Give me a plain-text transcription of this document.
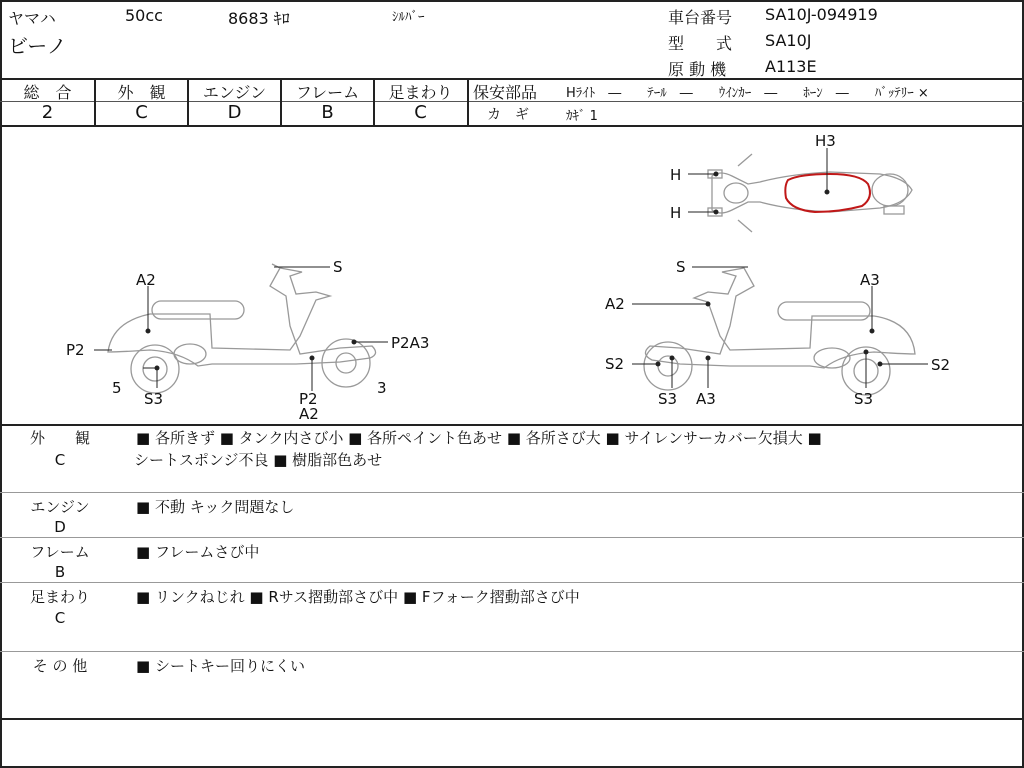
ヤマハ
ビーノ
50cc	8683 ｷﾛ	ｼﾙﾊﾞｰ	車台番号 SA10J-094919
型　　式 SA10J
原 動 機 A113E
総　合	外　観	エンジン	フレーム	足まわり
2	C	D	B	C
保安部品 Hﾗｲﾄ　―　　ﾃｰﾙ　―　　ｳｲﾝｶｰ　―　　ﾎｰﾝ　―　　ﾊﾞｯﾃﾘｰ ×
カ　ギ	ｶｷﾞ 1
H3
H
H
S
A2
P2	P2A3
5
S3	P2
A2
3
S
A2
A3
S2	S2
S3 A3	S3
外　　観
C
■ 各所きず ■ タンク内さび小 ■ 各所ペイント色あせ ■ 各所さび大 ■ サイレンサーカバー欠損大 ■
シートスポンジ不良 ■ 樹脂部色あせ
エンジン
D
■ 不動 キック問題なし
フレーム
B
■ フレームさび中
足まわり
C
■ リンクねじれ ■ Rサス摺動部さび中 ■ Fフォーク摺動部さび中
そ の 他	■ シートキー回りにくい
